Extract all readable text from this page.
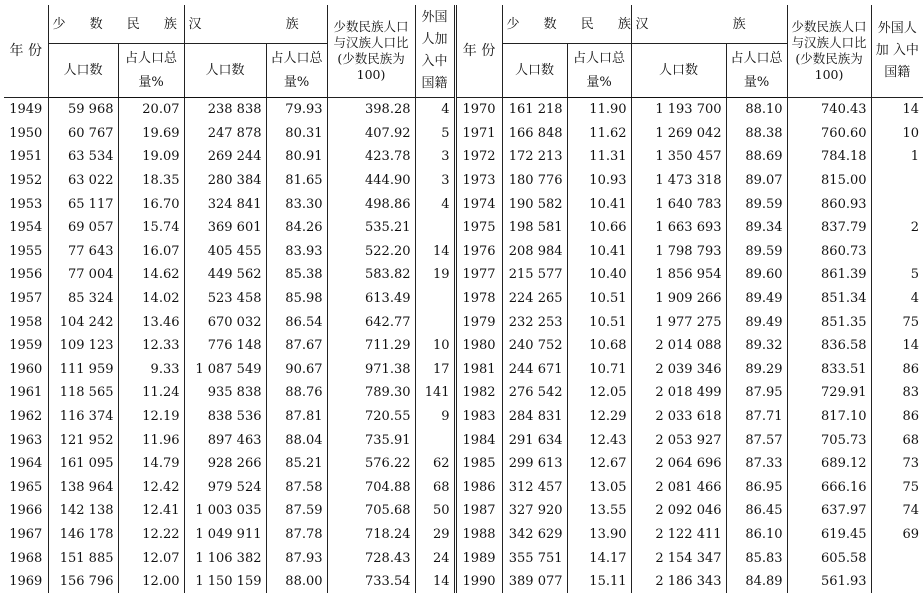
年 份	少 数 民 族		汉 族		少数民族人口与汉族人口比(少数民族为100)	外国人加 入中国籍	年 份	少 数 民 族		汉 族		少数民族人口与汉族人口比(少数民族为100)	外国人加 入中国籍
	人口数	占人口总量%	人口数	占人口总量%				人口数	占人口总量%	人口数	占人口总量%		
1949	59 968	20.07	238 838	79.93	398.28	4	1970	161 218	11.90	1 193 700	88.10	740.43	14
1950	60 767	19.69	247 878	80.31	407.92	5	1971	166 848	11.62	1 269 042	88.38	760.60	10
1951	63 534	19.09	269 244	80.91	423.78	3	1972	172 213	11.31	1 350 457	88.69	784.18	1
1952	63 022	18.35	280 384	81.65	444.90	3	1973	180 776	10.93	1 473 318	89.07	815.00	
1953	65 117	16.70	324 841	83.30	498.86	4	1974	190 582	10.41	1 640 783	89.59	860.93	
1954	69 057	15.74	369 601	84.26	535.21		1975	198 581	10.66	1 663 693	89.34	837.79	2
1955	77 643	16.07	405 455	83.93	522.20	14	1976	208 984	10.41	1 798 793	89.59	860.73	
1956	77 004	14.62	449 562	85.38	583.82	19	1977	215 577	10.40	1 856 954	89.60	861.39	5
1957	85 324	14.02	523 458	85.98	613.49		1978	224 265	10.51	1 909 266	89.49	851.34	4
1958	104 242	13.46	670 032	86.54	642.77		1979	232 253	10.51	1 977 275	89.49	851.35	75
1959	109 123	12.33	776 148	87.67	711.29	10	1980	240 752	10.68	2 014 088	89.32	836.58	14
1960	111 959	9.33	1 087 549	90.67	971.38	17	1981	244 671	10.71	2 039 346	89.29	833.51	86
1961	118 565	11.24	935 838	88.76	789.30	141	1982	276 542	12.05	2 018 499	87.95	729.91	83
1962	116 374	12.19	838 536	87.81	720.55	9	1983	284 831	12.29	2 033 618	87.71	817.10	86
1963	121 952	11.96	897 463	88.04	735.91		1984	291 634	12.43	2 053 927	87.57	705.73	68
1964	161 095	14.79	928 266	85.21	576.22	62	1985	299 613	12.67	2 064 696	87.33	689.12	73
1965	138 964	12.42	979 524	87.58	704.88	68	1986	312 457	13.05	2 081 466	86.95	666.16	75
1966	142 138	12.41	1 003 035	87.59	705.68	50	1987	327 920	13.55	2 092 046	86.45	637.97	74
1967	146 178	12.22	1 049 911	87.78	718.24	29	1988	342 629	13.90	2 122 411	86.10	619.45	69
1968	151 885	12.07	1 106 382	87.93	728.43	24	1989	355 751	14.17	2 154 347	85.83	605.58	
1969	156 796	12.00	1 150 159	88.00	733.54	14	1990	389 077	15.11	2 186 343	84.89	561.93	
